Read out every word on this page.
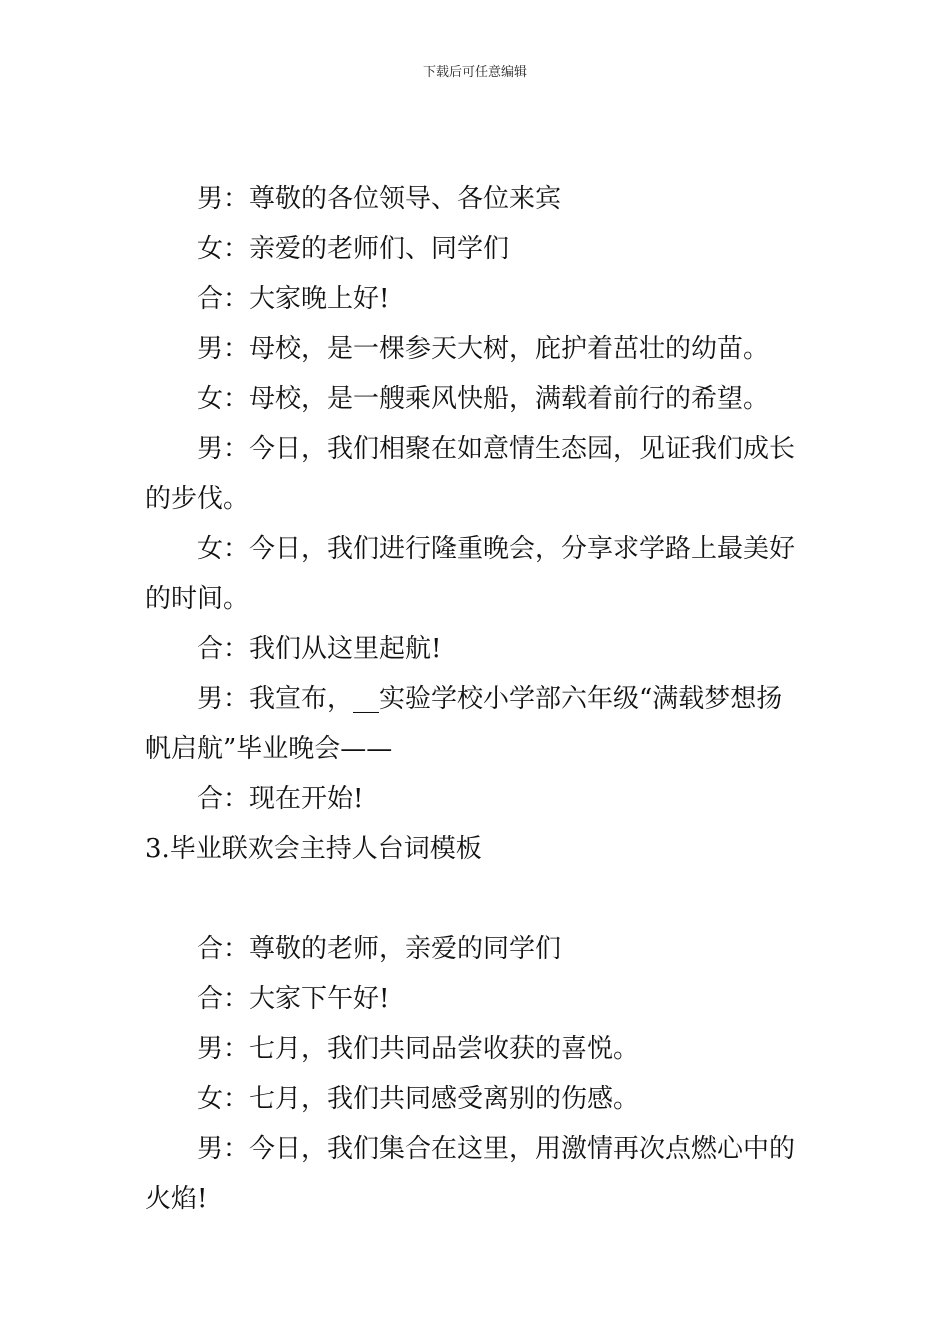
下载后可任意编辑
男：尊敬的各位领导、各位来宾
女：亲爱的老师们、同学们
合：大家晚上好!
男：母校，是一棵参天大树，庇护着茁壮的幼苗。
女：母校，是一艘乘风快船，满载着前行的希望。
男：今日，我们相聚在如意情生态园，见证我们成长
的步伐。
女：今日，我们进行隆重晚会，分享求学路上最美好
的时间。
合：我们从这里起航!
男：我宣布，__实验学校小学部六年级“满载梦想扬
帆启航”毕业晚会——
合：现在开始!
3.毕业联欢会主持人台词模板
合：尊敬的老师，亲爱的同学们
合：大家下午好!
男：七月，我们共同品尝收获的喜悦。
女：七月，我们共同感受离别的伤感。
男：今日，我们集合在这里，用激情再次点燃心中的
火焰!
